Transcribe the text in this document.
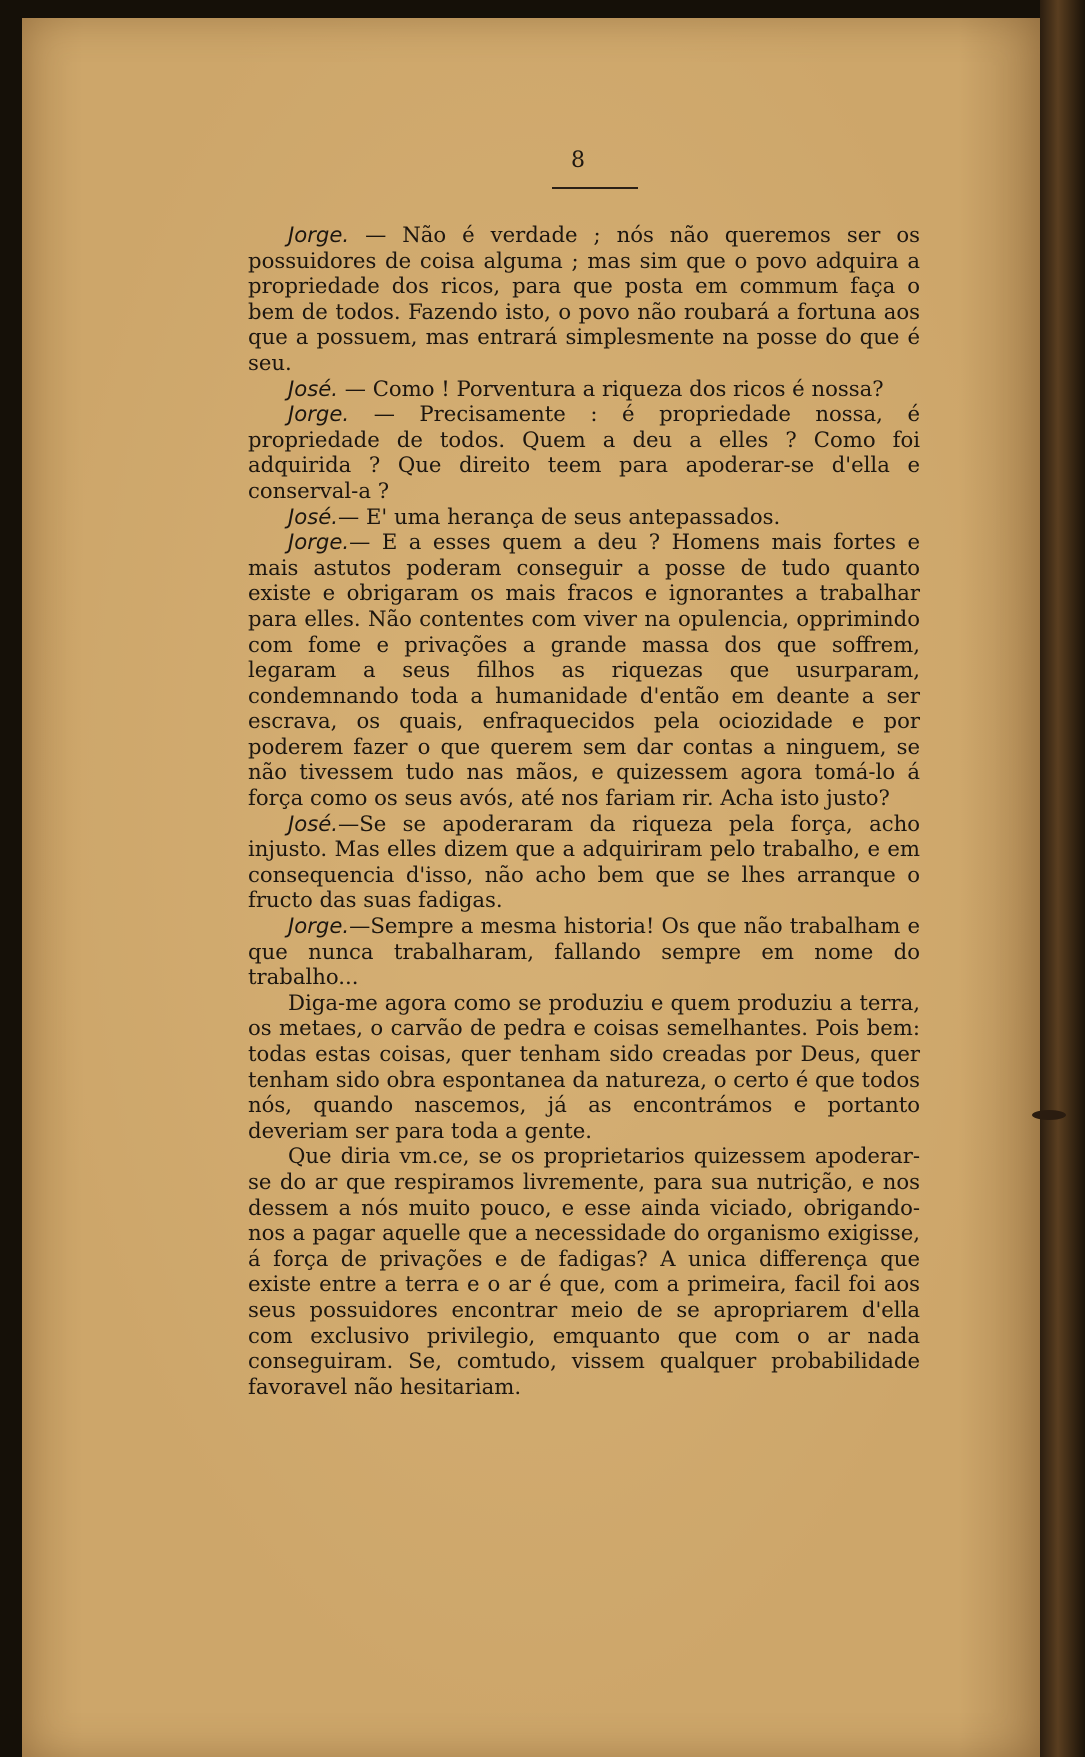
8

Jorge. — Não é verdade ; nós não queremos ser os possuidores de coisa alguma ; mas sim que o povo adquira a propriedade dos ricos, para que posta em commum faça o bem de todos. Fazendo isto, o povo não roubará a fortuna aos que a possuem, mas entrará simplesmente na posse do que é seu.

José. — Como ! Porventura a riqueza dos ricos é nossa?

Jorge. — Precisamente : é propriedade nossa, é propriedade de todos. Quem a deu a elles ? Como foi adquirida ? Que direito teem para apoderar-se d'ella e conserval-a ?

José.— E' uma herança de seus antepassados.

Jorge.— E a esses quem a deu ? Homens mais fortes e mais astutos poderam conseguir a posse de tudo quanto existe e obrigaram os mais fracos e ignorantes a trabalhar para elles. Não contentes com viver na opulencia, opprimindo com fome e privações a grande massa dos que soffrem, legaram a seus filhos as riquezas que usurparam, condemnando toda a humanidade d'então em deante a ser escrava, os quais, enfraquecidos pela ociozidade e por poderem fazer o que querem sem dar contas a ninguem, se não tivessem tudo nas mãos, e quizessem agora tomá-lo á força como os seus avós, até nos fariam rir. Acha isto justo?

José.—Se se apoderaram da riqueza pela força, acho injusto. Mas elles dizem que a adquiriram pelo trabalho, e em consequencia d'isso, não acho bem que se lhes arranque o fructo das suas fadigas.

Jorge.—Sempre a mesma historia! Os que não trabalham e que nunca trabalharam, fallando sempre em nome do trabalho...

Diga-me agora como se produziu e quem produziu a terra, os metaes, o carvão de pedra e coisas semelhantes. Pois bem: todas estas coisas, quer tenham sido creadas por Deus, quer tenham sido obra espontanea da natureza, o certo é que todos nós, quando nascemos, já as encontrámos e portanto deveriam ser para toda a gente.

Que diria vm.ce, se os proprietarios quizessem apoderar-se do ar que respiramos livremente, para sua nutrição, e nos dessem a nós muito pouco, e esse ainda viciado, obrigando-nos a pagar aquelle que a necessidade do organismo exigisse, á força de privações e de fadigas? A unica differença que existe entre a terra e o ar é que, com a primeira, facil foi aos seus possuidores encontrar meio de se apropriarem d'ella com exclusivo privilegio, emquanto que com o ar nada conseguiram. Se, comtudo, vissem qualquer probabilidade favoravel não hesitariam.
